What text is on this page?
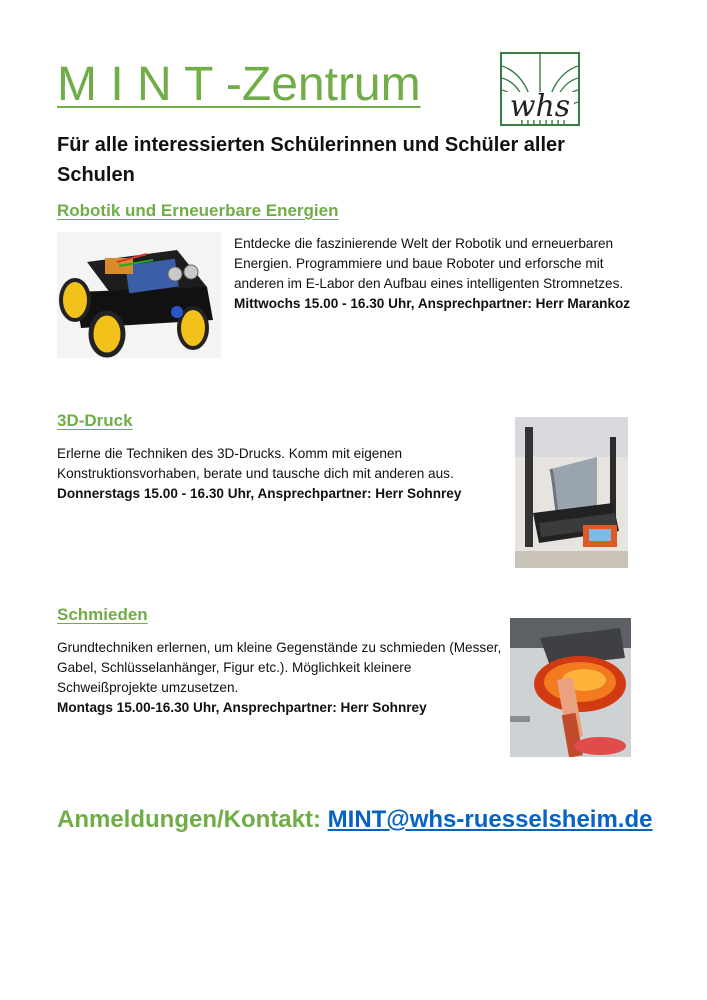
M I N T -Zentrum	whs
Für alle interessierten Schülerinnen und Schüler aller Schulen
Robotik und Erneuerbare Energien
Entdecke die faszinierende Welt der Robotik und erneuerbaren Energien. Programmiere und baue Roboter und erforsche mit anderen im E-Labor den Aufbau eines intelligenten Stromnetzes.
Mittwochs 15.00 - 16.30 Uhr, Ansprechpartner: Herr Marankoz
3D-Druck
Erlerne die Techniken des 3D-Drucks. Komm mit eigenen Konstruktionsvorhaben, berate und tausche dich mit anderen aus.
Donnerstags 15.00 - 16.30 Uhr, Ansprechpartner: Herr Sohnrey
Schmieden
Grundtechniken erlernen, um kleine Gegenstände zu schmieden (Messer, Gabel, Schlüsselanhänger, Figur etc.). Möglichkeit kleinere Schweißprojekte umzusetzen.
Montags 15.00-16.30 Uhr, Ansprechpartner: Herr Sohnrey
Anmeldungen/Kontakt: MINT@whs-ruesselsheim.de
